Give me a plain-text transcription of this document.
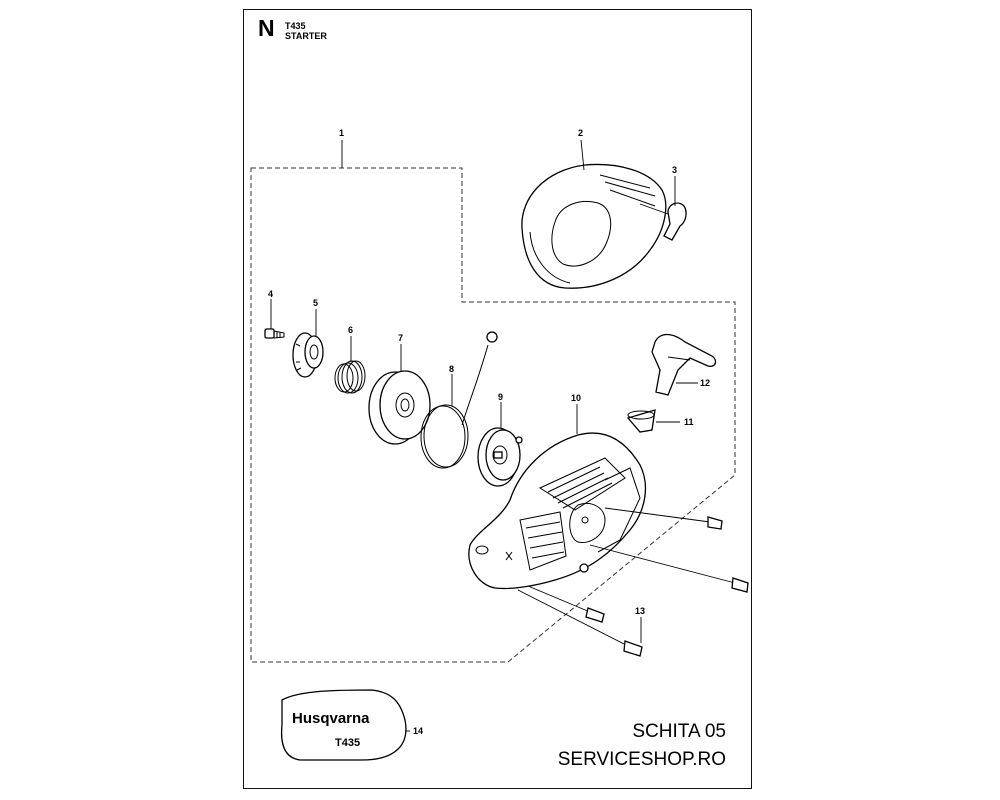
N T435
STARTER
Husqvarna
T435
1	2
3
4
5
6
7
8
9	10
11
12
13
14	SCHITA 05
SERVICESHOP.RO
